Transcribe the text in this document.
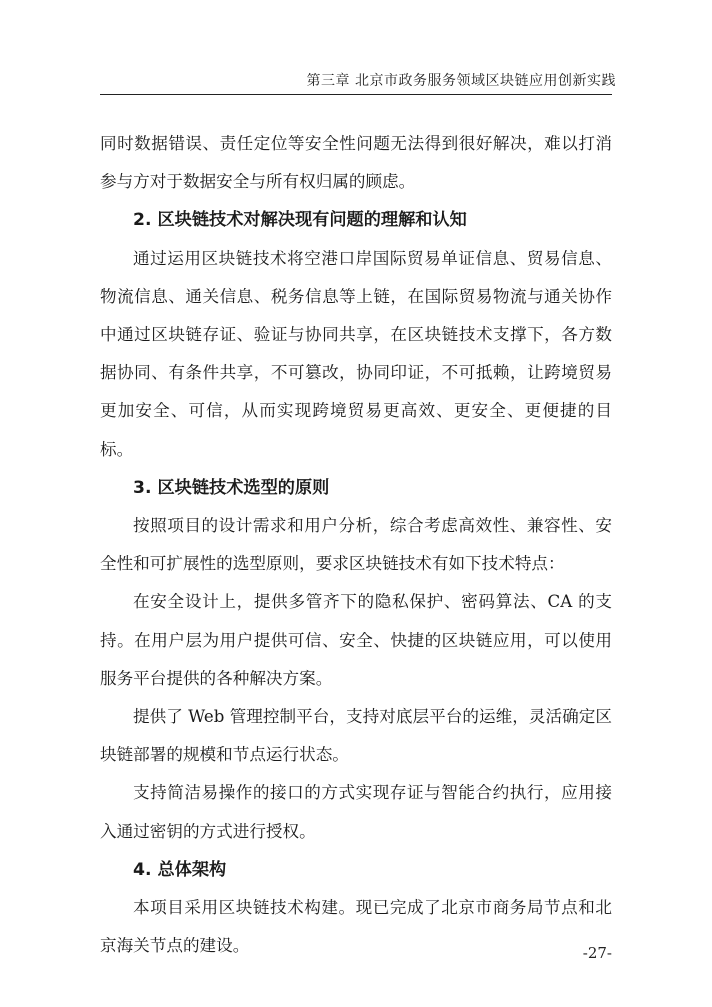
第三章 北京市政务服务领域区块链应用创新实践

同时数据错误、责任定位等安全性问题无法得到很好解决，难以打消参与方对于数据安全与所有权归属的顾虑。

2. 区块链技术对解决现有问题的理解和认知

通过运用区块链技术将空港口岸国际贸易单证信息、贸易信息、物流信息、通关信息、税务信息等上链，在国际贸易物流与通关协作中通过区块链存证、验证与协同共享，在区块链技术支撑下，各方数据协同、有条件共享，不可篡改，协同印证，不可抵赖，让跨境贸易更加安全、可信，从而实现跨境贸易更高效、更安全、更便捷的目标。

3. 区块链技术选型的原则

按照项目的设计需求和用户分析，综合考虑高效性、兼容性、安全性和可扩展性的选型原则，要求区块链技术有如下技术特点：

在安全设计上，提供多管齐下的隐私保护、密码算法、CA 的支持。在用户层为用户提供可信、安全、快捷的区块链应用，可以使用服务平台提供的各种解决方案。

提供了 Web 管理控制平台，支持对底层平台的运维，灵活确定区块链部署的规模和节点运行状态。

支持简洁易操作的接口的方式实现存证与智能合约执行，应用接入通过密钥的方式进行授权。

4. 总体架构

本项目采用区块链技术构建。现已完成了北京市商务局节点和北京海关节点的建设。	-27-
